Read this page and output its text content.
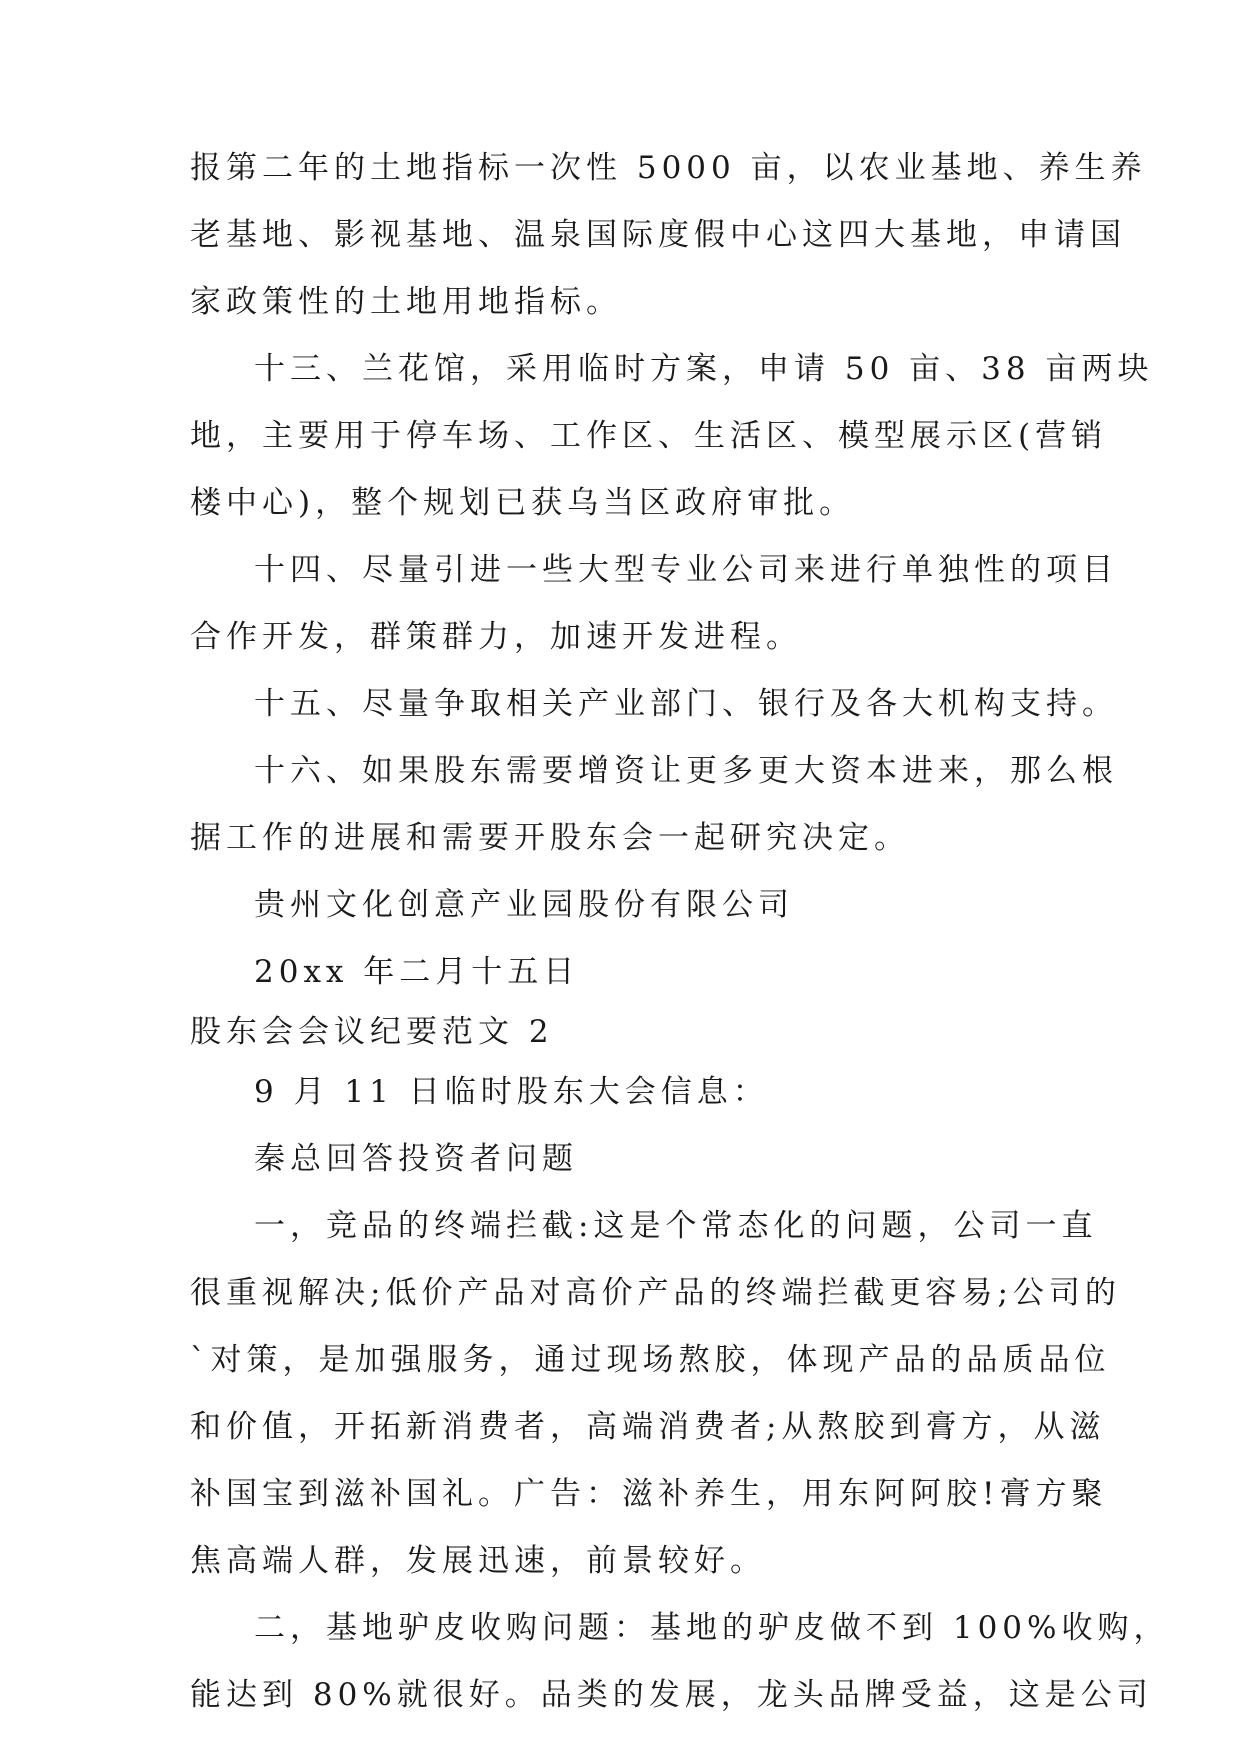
报第二年的土地指标一次性 5000 亩，以农业基地、养生养
老基地、影视基地、温泉国际度假中心这四大基地，申请国
家政策性的土地用地指标。
十三、兰花馆，采用临时方案，申请 50 亩、38 亩两块
地，主要用于停车场、工作区、生活区、模型展示区(营销
楼中心)，整个规划已获乌当区政府审批。
十四、尽量引进一些大型专业公司来进行单独性的项目
合作开发，群策群力，加速开发进程。
十五、尽量争取相关产业部门、银行及各大机构支持。
十六、如果股东需要增资让更多更大资本进来，那么根
据工作的进展和需要开股东会一起研究决定。
贵州文化创意产业园股份有限公司
20xx 年二月十五日
股东会会议纪要范文 2
9 月 11 日临时股东大会信息：
秦总回答投资者问题
一，竞品的终端拦截:这是个常态化的问题，公司一直
很重视解决;低价产品对高价产品的终端拦截更容易;公司的
`对策，是加强服务，通过现场熬胶，体现产品的品质品位
和价值，开拓新消费者，高端消费者;从熬胶到膏方，从滋
补国宝到滋补国礼。广告：滋补养生，用东阿阿胶!膏方聚
焦高端人群，发展迅速，前景较好。
二，基地驴皮收购问题：基地的驴皮做不到 100%收购，
能达到 80%就很好。品类的发展，龙头品牌受益，这是公司
